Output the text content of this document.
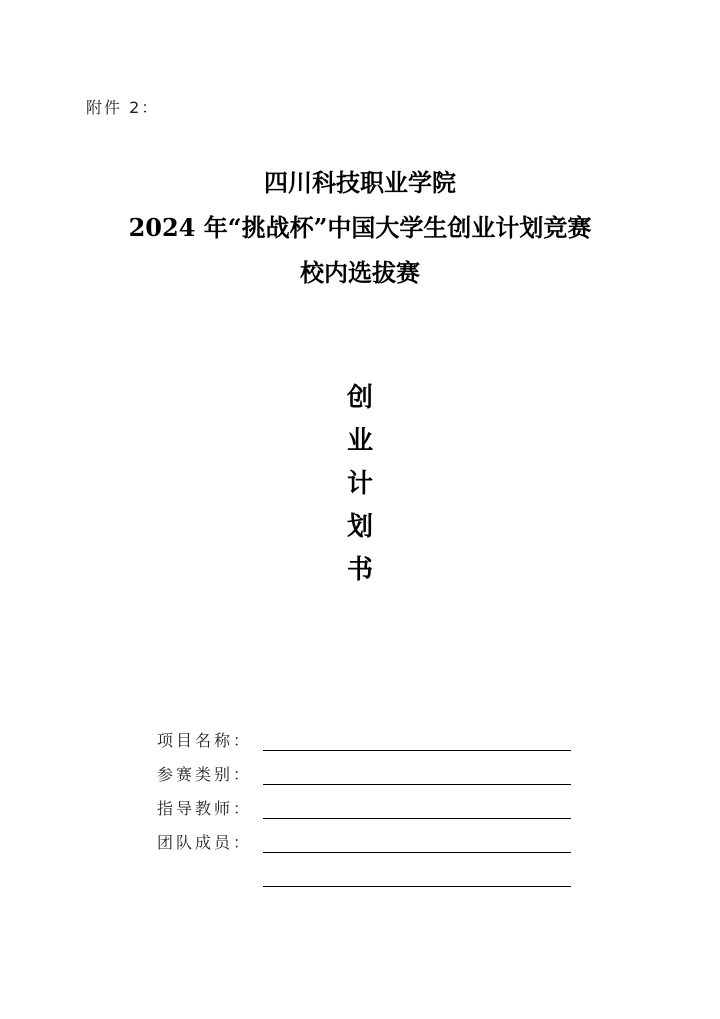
附件 2：
四川科技职业学院
2024 年“挑战杯”中国大学生创业计划竞赛
校内选拔赛
创
业
计
划
书
项目名称：
参赛类别：
指导教师：
团队成员：
